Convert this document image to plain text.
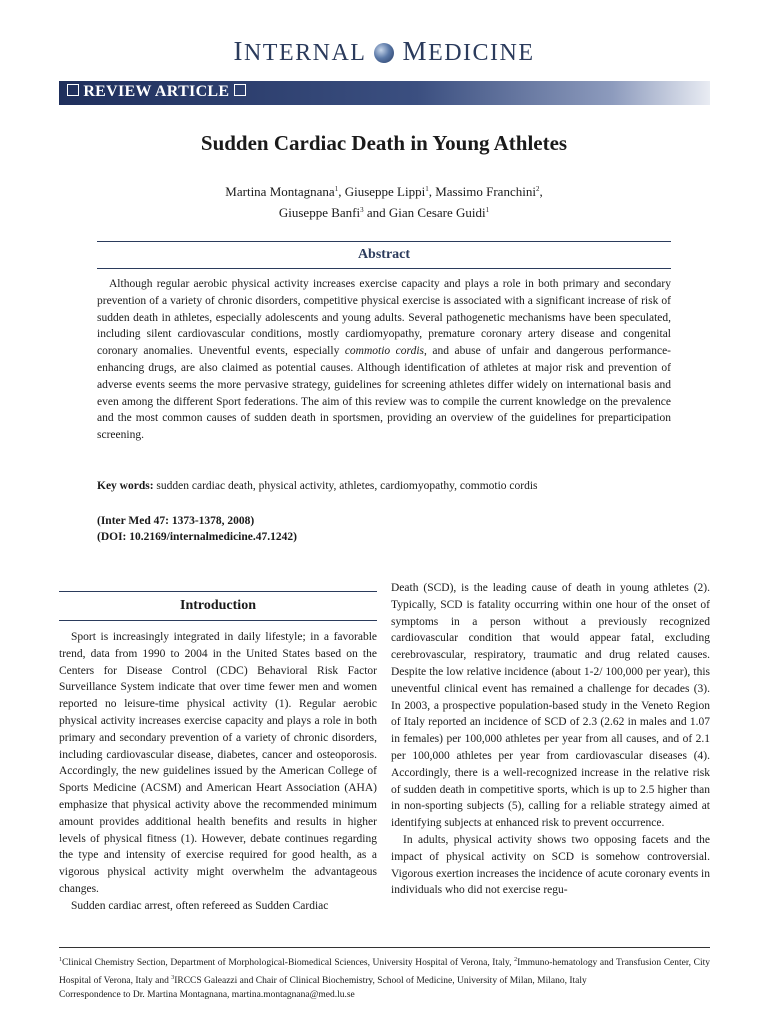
INTERNAL MEDICINE
REVIEW ARTICLE
Sudden Cardiac Death in Young Athletes
Martina Montagnana$^1$, Giuseppe Lippi$^1$, Massimo Franchini$^2$,
Giuseppe Banfi$^3$ and Gian Cesare Guidi$^1$
Abstract
Although regular aerobic physical activity increases exercise capacity and plays a role in both primary and secondary prevention of a variety of chronic disorders, competitive physical exercise is associated with a significant increase of risk of sudden death in athletes, especially adolescents and young adults. Several pathogenetic mechanisms have been speculated, including silent cardiovascular conditions, mostly cardiomyopathy, premature coronary artery disease and congenital coronary anomalies. Uneventful events, especially commotio cordis, and abuse of unfair and dangerous performance-enhancing drugs, are also claimed as potential causes. Although identification of athletes at major risk and prevention of adverse events seems the more pervasive strategy, guidelines for screening athletes differ widely on international basis and even among the different Sport federations. The aim of this review was to compile the current knowledge on the prevalence and the most common causes of sudden death in sportsmen, providing an overview of the guidelines for preparticipation screening.
Key words: sudden cardiac death, physical activity, athletes, cardiomyopathy, commotio cordis
(Inter Med 47: 1373-1378, 2008)
(DOI: 10.2169/internalmedicine.47.1242)
Introduction

Sport is increasingly integrated in daily lifestyle; in a favorable trend, data from 1990 to 2004 in the United States based on the Centers for Disease Control (CDC) Behavioral Risk Factor Surveillance System indicate that over time fewer men and women reported no leisure-time physical activity (1). Regular aerobic physical activity increases exercise capacity and plays a role in both primary and secondary prevention of a variety of chronic disorders, including cardiovascular disease, diabetes, cancer and osteoporosis. Accordingly, the new guidelines issued by the American College of Sports Medicine (ACSM) and American Heart Association (AHA) emphasize that physical activity above the recommended minimum amount provides additional health benefits and results in higher levels of physical fitness (1). However, debate continues regarding the type and intensity of exercise required for good health, as a vigorous physical activity might overwhelm the advantageous changes.

Sudden cardiac arrest, often refereed as Sudden Cardiac

Death (SCD), is the leading cause of death in young athletes (2). Typically, SCD is fatality occurring within one hour of the onset of symptoms in a person without a previously recognized cardiovascular condition that would appear fatal, excluding cerebrovascular, respiratory, traumatic and drug related causes. Despite the low relative incidence (about 1-2/ 100,000 per year), this uneventful clinical event has remained a challenge for decades (3). In 2003, a prospective population-based study in the Veneto Region of Italy reported an incidence of SCD of 2.3 (2.62 in males and 1.07 in females) per 100,000 athletes per year from all causes, and of 2.1 per 100,000 athletes per year from cardiovascular diseases (4). Accordingly, there is a well-recognized increase in the relative risk of sudden death in competitive sports, which is up to 2.5 higher than in non-sporting subjects (5), calling for a reliable strategy aimed at identifying subjects at enhanced risk to prevent occurrence.

In adults, physical activity shows two opposing facets and the impact of physical activity on SCD is somehow controversial. Vigorous exertion increases the incidence of acute coronary events in individuals who did not exercise regu-

$^1$Clinical Chemistry Section, Department of Morphological-Biomedical Sciences, University Hospital of Verona, Italy, $^2$Immuno-hematology and Transfusion Center, City Hospital of Verona, Italy and $^3$IRCCS Galeazzi and Chair of Clinical Biochemistry, School of Medicine, University of Milan, Milano, Italy
Correspondence to Dr. Martina Montagnana, martina.montagnana@med.lu.se
